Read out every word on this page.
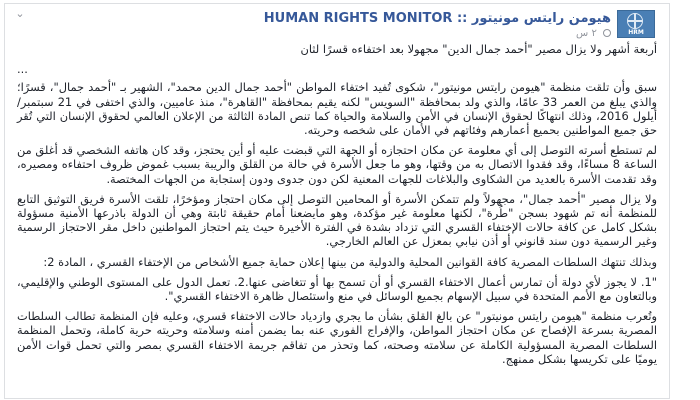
⌄
HRM
هيومن رايتس مونيتور :: HUMAN RIGHTS MONITOR
٢ س

أربعة أشهر ولا يزال مصير "أحمد جمال الدين" مجهولا بعد اختفاءه قسرًا لثان

...

سبق وأن تلقت منظمة "هيومن رايتس مونيتور"، شكوى تُفيد اختفاء المواطن "أحمد جمال الدين محمد"، الشهير بـ "أحمد جمال"، قسرًا؛ والذي يبلغ من العمر 33 عامًا، والذي ولد بمحافظة "السويس" لكنه يقيم بمحافظة "القاهرة"، منذ عاميين، والذي اختفى في 21 سبتمبر/أيلول 2016، وذلك انتهاكًا لحقوق الإنسان في الأمن والسلامة والحياة كما تنص المادة الثالثة من الإعلان العالمي لحقوق الإنسان التي تُقر حق جميع المواطنين بحميع أعمارهم وفئاتهم في الأمان على شخصه وحريته.

لم تستطع أسرته التوصل إلى أي معلومة عن مكان احتجازه أو الجهة التي قبضت عليه أو أين يحتجز، وقد كان هاتفه الشخصي قد أغلق من الساعة 8 مساءًا، وقد فقدوا الاتصال به من وقتها، وهو ما جعل الأسرة في حالة من القلق والريبة بسبب غموض ظروف احتفاءه ومصيره، وقد تقدمت الأسرة بالعديد من الشكاوى والبلاغات للجهات المعنية لكن دون جدوى ودون إستجابة من الجهات المختصة.

ولا يزال مصير "أحمد جمال"، مجهولاً ولم تتمكن الأسرة أو المحامين التوصل إلى مكان احتجاز ومؤخرًا، تلقت الأسرة فريق التوثيق التابع للمنظمة أنه تم شهود بسجن "طُرة"، لكنها معلومة غير مؤكدة، وهو مايضعنا أمام حقيقة ثابتة وهي أن الدولة باذرعها الأمنية مسؤولة بشكل كامل عن كافة حالات الإختفاء القسري التي تزداد بشدة في الفترة الأخيرة حيث يتم احتجاز المواطنين داخل مقر الاحتجاز الرسمية وغير الرسمية دون سند قانوني أو أذن نيابي بمعزل عن العالم الخارجي.

وبذلك تنتهك السلطات المصرية كافة القوانين المحلية والدولية من بينها إعلان حماية جميع الأشخاص من الإختفاء القسري ، المادة 2:

"1. لا يجوز لأي دولة أن تمارس أعمال الاختفاء القسري أو أن تسمح بها أو تتغاضى عنها.2. تعمل الدول على المستوى الوطني والإقليمي، وبالتعاون مع الأمم المتحدة في سبيل الإسهام بجميع الوسائل في منع واستئصال ظاهرة الاختفاء القسري".

وتُعرب منظمة "هيومن رايتس مونيتور" عن بالغ القلق بشأن ما يجري وازدياد حالات الاختفاء قسري، وعليه فإن المنظمة تطالب السلطات المصرية بسرعة الإفصاح عن مكان احتجاز المواطن، والإفراج الفوري عنه بما يضمن أمنه وسلامته وحريته حرية كاملة، وتحمل المنظمة السلطات المصرية المسؤولية الكاملة عن سلامته وصحته، كما وتحذر من تفاقم جريمة الاختفاء القسري بمصر والتي تحمل قوات الأمن يوميًا على تكريسها بشكل ممنهج.
